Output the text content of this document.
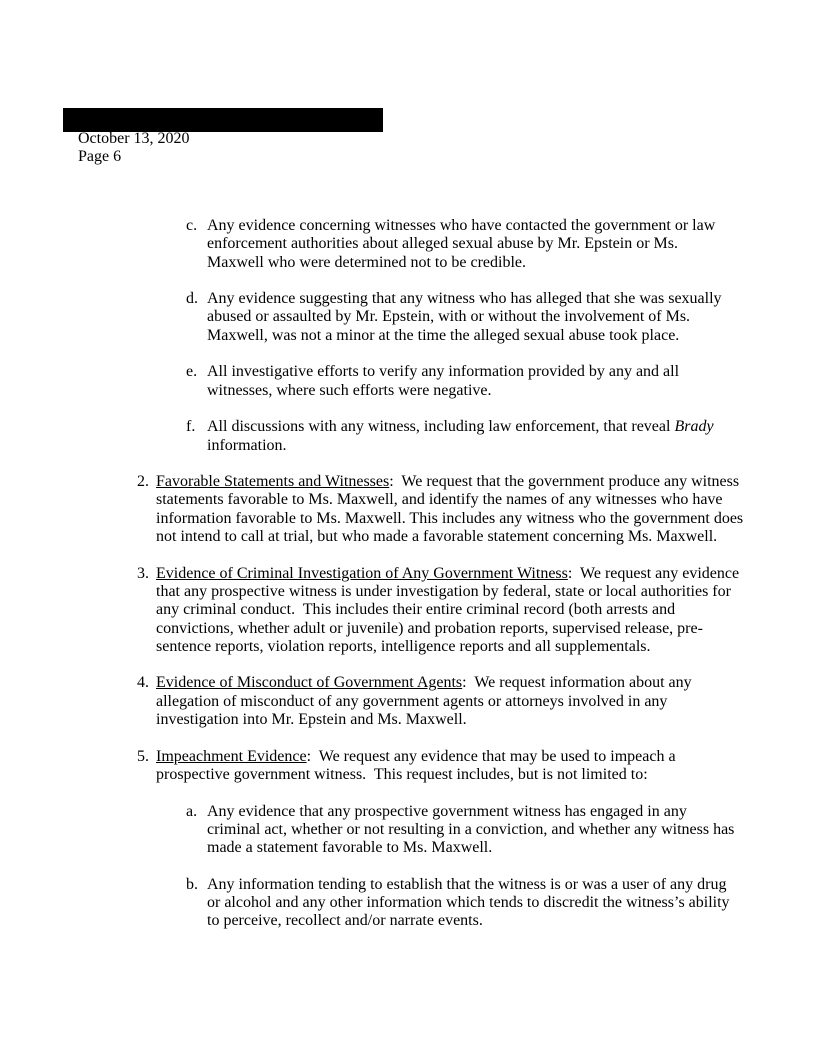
October 13, 2020
Page 6
c. Any evidence concerning witnesses who have contacted the government or law enforcement authorities about alleged sexual abuse by Mr. Epstein or Ms. Maxwell who were determined not to be credible.
d. Any evidence suggesting that any witness who has alleged that she was sexually abused or assaulted by Mr. Epstein, with or without the involvement of Ms. Maxwell, was not a minor at the time the alleged sexual abuse took place.
e. All investigative efforts to verify any information provided by any and all witnesses, where such efforts were negative.
f. All discussions with any witness, including law enforcement, that reveal Brady information.
2. Favorable Statements and Witnesses:  We request that the government produce any witness statements favorable to Ms. Maxwell, and identify the names of any witnesses who have information favorable to Ms. Maxwell. This includes any witness who the government does not intend to call at trial, but who made a favorable statement concerning Ms. Maxwell.
3. Evidence of Criminal Investigation of Any Government Witness:  We request any evidence that any prospective witness is under investigation by federal, state or local authorities for any criminal conduct.  This includes their entire criminal record (both arrests and convictions, whether adult or juvenile) and probation reports, supervised release, pre-sentence reports, violation reports, intelligence reports and all supplementals.
4. Evidence of Misconduct of Government Agents:  We request information about any allegation of misconduct of any government agents or attorneys involved in any investigation into Mr. Epstein and Ms. Maxwell.
5. Impeachment Evidence:  We request any evidence that may be used to impeach a prospective government witness.  This request includes, but is not limited to:
a. Any evidence that any prospective government witness has engaged in any criminal act, whether or not resulting in a conviction, and whether any witness has made a statement favorable to Ms. Maxwell.
b. Any information tending to establish that the witness is or was a user of any drug or alcohol and any other information which tends to discredit the witness’s ability to perceive, recollect and/or narrate events.
